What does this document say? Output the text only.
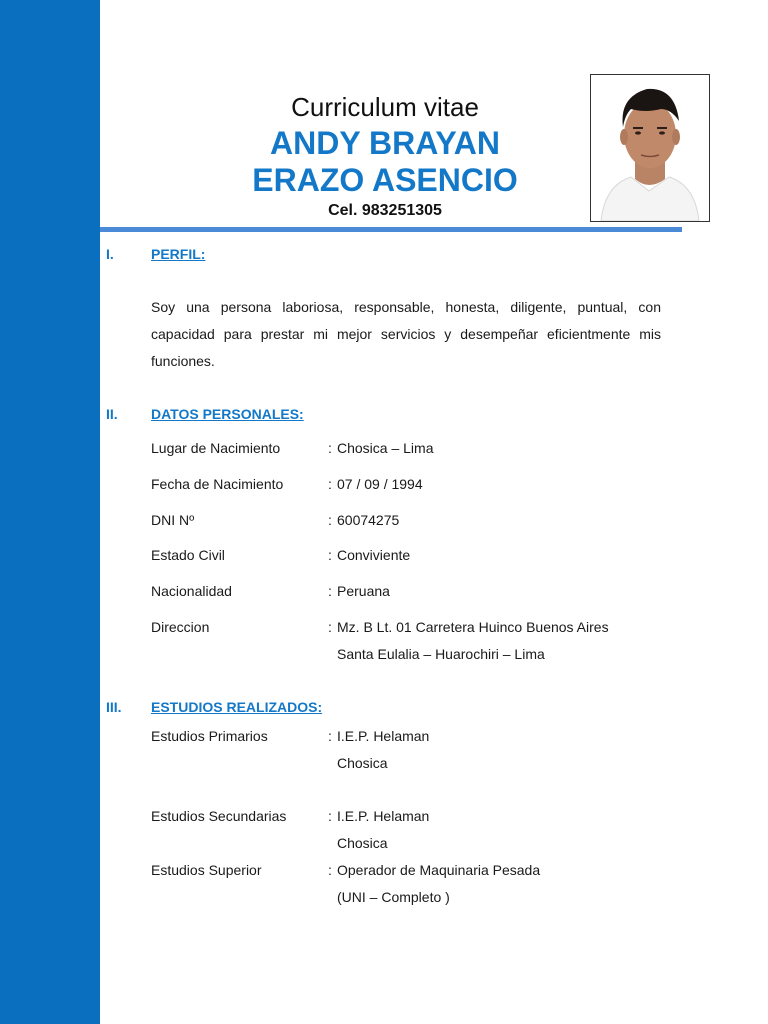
Curriculum vitae
ANDY BRAYAN
ERAZO ASENCIO
Cel. 983251305
I.	PERFIL:
Soy una persona laboriosa, responsable, honesta, diligente, puntual, con capacidad para prestar mi mejor servicios y desempeñar eficientmente mis funciones.
II. DATOS PERSONALES:
Lugar de Nacimiento	: Chosica – Lima
Fecha de Nacimiento	: 07 / 09 / 1994
DNI Nº	: 60074275
Estado Civil	: Conviviente
Nacionalidad	: Peruana
Direccion	: Mz. B Lt. 01 Carretera Huinco Buenos Aires
Santa Eulalia – Huarochiri – Lima
III. ESTUDIOS REALIZADOS:
Estudios Primarios	: I.E.P. Helaman
Chosica
Estudios Secundarias	: I.E.P. Helaman
Chosica
Estudios Superior	: Operador de Maquinaria Pesada
(UNI – Completo )
